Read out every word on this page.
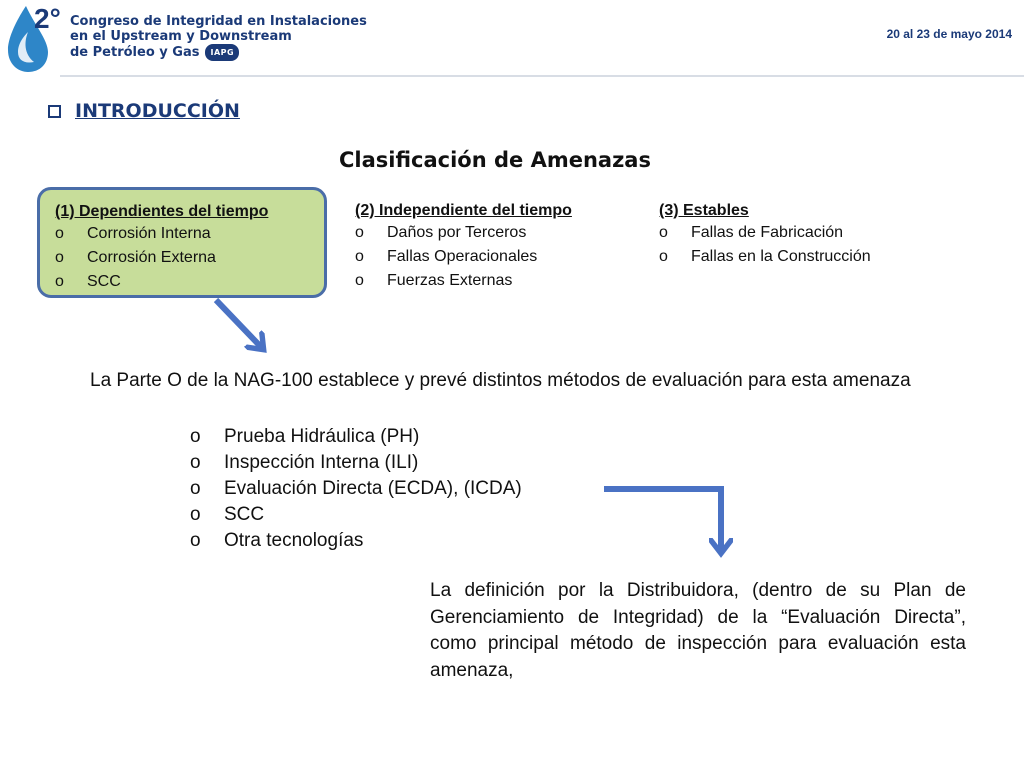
2° Congreso de Integridad en Instalaciones
en el Upstream y Downstream
de Petróleo y Gas IAPG
20 al 23 de mayo 2014
INTRODUCCIÓN
Clasificación de Amenazas
(1) Dependientes del tiempo
o	Corrosión Interna
o	Corrosión Externa
o	SCC
(2) Independiente del tiempo
o	Daños por Terceros
o	Fallas Operacionales
o	Fuerzas Externas
(3) Estables
o	Fallas de Fabricación
o	Fallas en la Construcción
La Parte O de la NAG-100 establece y prevé distintos métodos de evaluación para esta amenaza
o	Prueba Hidráulica (PH)
o	Inspección Interna (ILI)
o	Evaluación Directa (ECDA), (ICDA)
o	SCC
o	Otra tecnologías
La definición por la Distribuidora, (dentro de su Plan de Gerenciamiento de Integridad) de la “Evaluación Directa”, como principal método de inspección para evaluación esta amenaza,
